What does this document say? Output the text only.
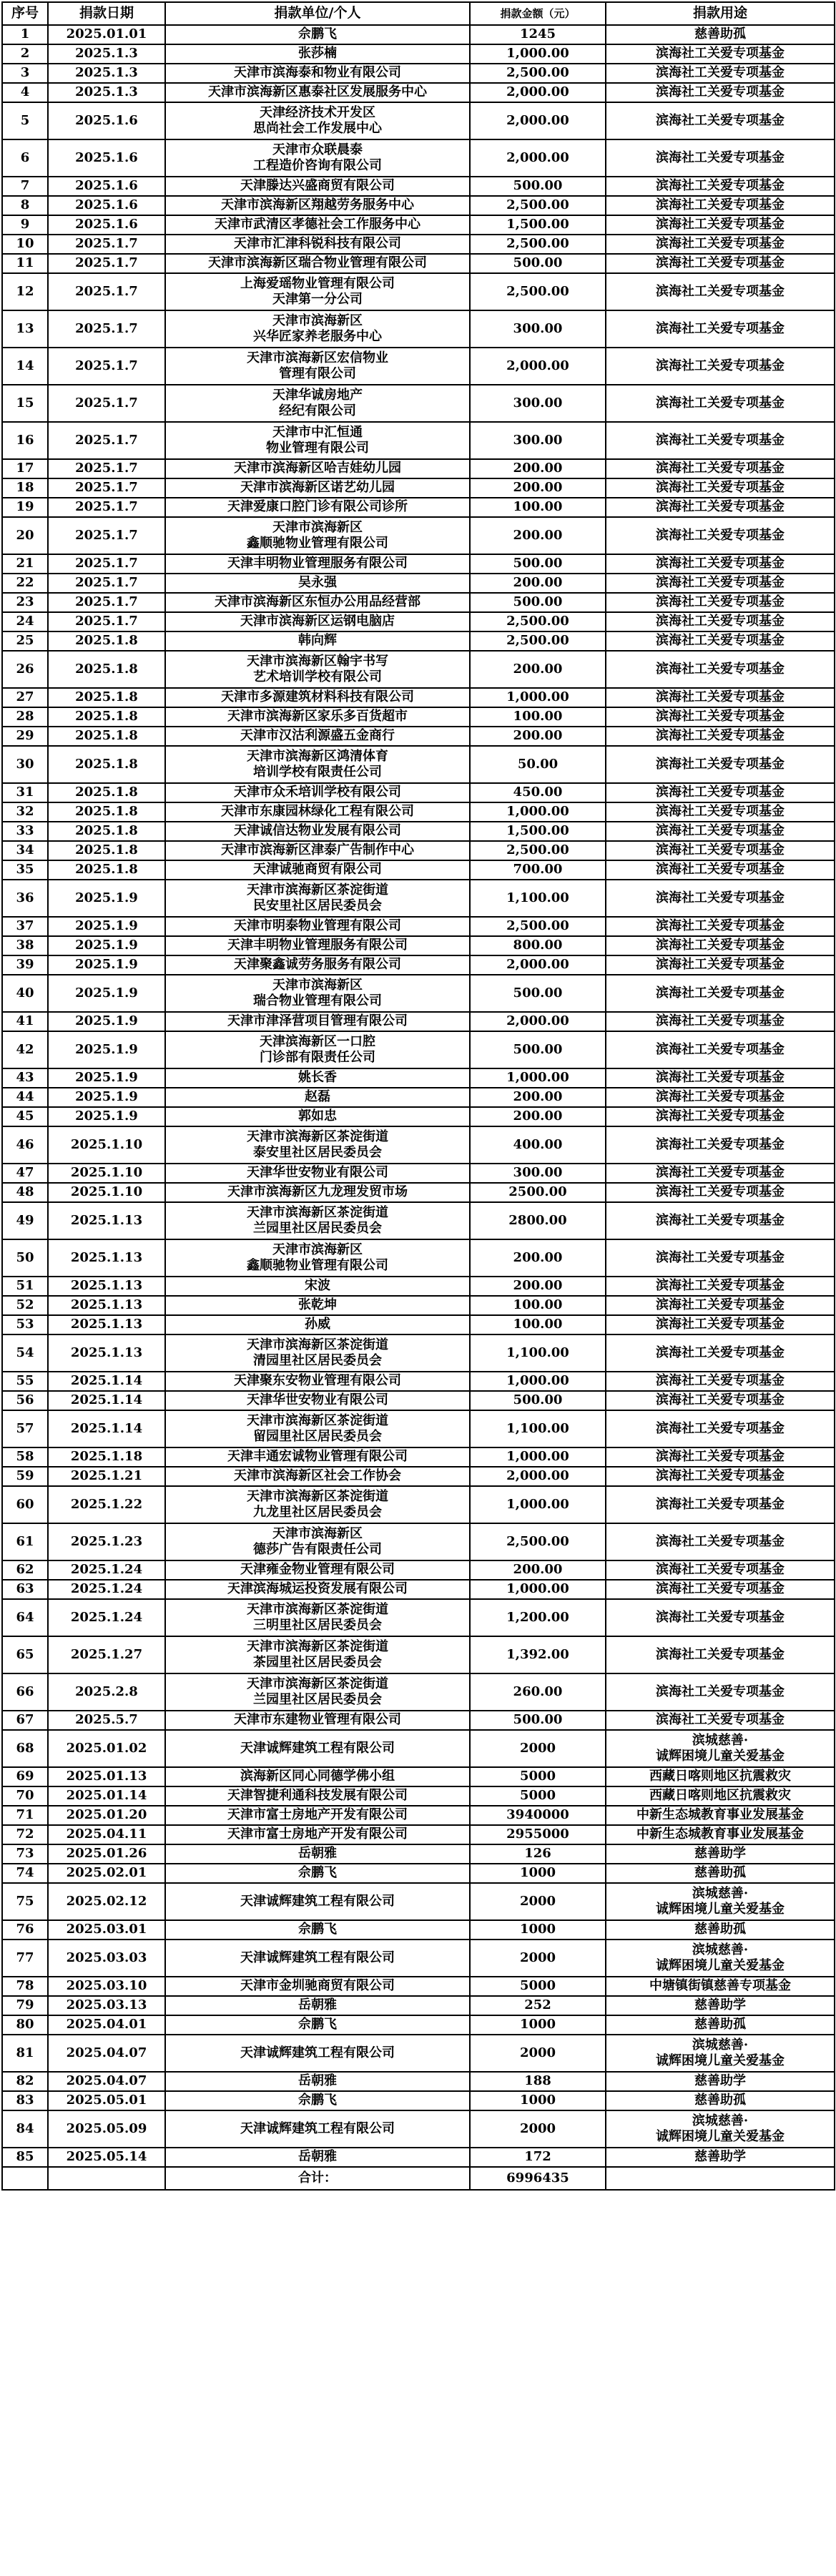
序号	捐款日期	捐款单位/个人	捐款金额（元）	捐款用途

1	2025.01.01	佘鹏飞	1245	慈善助孤

2	2025.1.3	张莎楠	1,000.00	滨海社工关爱专项基金

3	2025.1.3	天津市滨海泰和物业有限公司	2,500.00	滨海社工关爱专项基金

4	2025.1.3	天津市滨海新区惠泰社区发展服务中心	2,000.00	滨海社工关爱专项基金

5	2025.1.6	天津经济技术开发区
思尚社会工作发展中心	2,000.00	滨海社工关爱专项基金

6	2025.1.6	天津市众联晨泰
工程造价咨询有限公司	2,000.00	滨海社工关爱专项基金

7	2025.1.6	天津滕达兴盛商贸有限公司	500.00	滨海社工关爱专项基金

8	2025.1.6	天津市滨海新区翔越劳务服务中心	2,500.00	滨海社工关爱专项基金

9	2025.1.6	天津市武清区孝德社会工作服务中心	1,500.00	滨海社工关爱专项基金

10	2025.1.7	天津市汇津科锐科技有限公司	2,500.00	滨海社工关爱专项基金

11	2025.1.7	天津市滨海新区瑞合物业管理有限公司	500.00	滨海社工关爱专项基金

12	2025.1.7	上海爱瑶物业管理有限公司
天津第一分公司	2,500.00	滨海社工关爱专项基金

13	2025.1.7	天津市滨海新区
兴华匠家养老服务中心	300.00	滨海社工关爱专项基金

14	2025.1.7	天津市滨海新区宏信物业
管理有限公司	2,000.00	滨海社工关爱专项基金

15	2025.1.7	天津华诚房地产
经纪有限公司	300.00	滨海社工关爱专项基金

16	2025.1.7	天津市中汇恒通
物业管理有限公司	300.00	滨海社工关爱专项基金

17	2025.1.7	天津市滨海新区哈吉娃幼儿园	200.00	滨海社工关爱专项基金

18	2025.1.7	天津市滨海新区诺艺幼儿园	200.00	滨海社工关爱专项基金

19	2025.1.7	天津爱康口腔门诊有限公司诊所	100.00	滨海社工关爱专项基金

20	2025.1.7	天津市滨海新区
鑫顺驰物业管理有限公司	200.00	滨海社工关爱专项基金

21	2025.1.7	天津丰明物业管理服务有限公司	500.00	滨海社工关爱专项基金

22	2025.1.7	吴永强	200.00	滨海社工关爱专项基金

23	2025.1.7	天津市滨海新区东恒办公用品经营部	500.00	滨海社工关爱专项基金

24	2025.1.7	天津市滨海新区运钢电脑店	2,500.00	滨海社工关爱专项基金

25	2025.1.8	韩向辉	2,500.00	滨海社工关爱专项基金

26	2025.1.8	天津市滨海新区翰宇书写
艺术培训学校有限公司	200.00	滨海社工关爱专项基金

27	2025.1.8	天津市多源建筑材料科技有限公司	1,000.00	滨海社工关爱专项基金

28	2025.1.8	天津市滨海新区家乐多百货超市	100.00	滨海社工关爱专项基金

29	2025.1.8	天津市汉沽利源盛五金商行	200.00	滨海社工关爱专项基金

30	2025.1.8	天津市滨海新区鸿清体育
培训学校有限责任公司	50.00	滨海社工关爱专项基金

31	2025.1.8	天津市众禾培训学校有限公司	450.00	滨海社工关爱专项基金

32	2025.1.8	天津市东康园林绿化工程有限公司	1,000.00	滨海社工关爱专项基金

33	2025.1.8	天津诚信达物业发展有限公司	1,500.00	滨海社工关爱专项基金

34	2025.1.8	天津市滨海新区津泰广告制作中心	2,500.00	滨海社工关爱专项基金

35	2025.1.8	天津诚驰商贸有限公司	700.00	滨海社工关爱专项基金

36	2025.1.9	天津市滨海新区茶淀街道
民安里社区居民委员会	1,100.00	滨海社工关爱专项基金

37	2025.1.9	天津市明泰物业管理有限公司	2,500.00	滨海社工关爱专项基金

38	2025.1.9	天津丰明物业管理服务有限公司	800.00	滨海社工关爱专项基金

39	2025.1.9	天津聚鑫诚劳务服务有限公司	2,000.00	滨海社工关爱专项基金

40	2025.1.9	天津市滨海新区
瑞合物业管理有限公司	500.00	滨海社工关爱专项基金

41	2025.1.9	天津市津泽营项目管理有限公司	2,000.00	滨海社工关爱专项基金

42	2025.1.9	天津滨海新区一口腔
门诊部有限责任公司	500.00	滨海社工关爱专项基金

43	2025.1.9	姚长香	1,000.00	滨海社工关爱专项基金

44	2025.1.9	赵磊	200.00	滨海社工关爱专项基金

45	2025.1.9	郭如忠	200.00	滨海社工关爱专项基金

46	2025.1.10	天津市滨海新区茶淀街道
泰安里社区居民委员会	400.00	滨海社工关爱专项基金

47	2025.1.10	天津华世安物业有限公司	300.00	滨海社工关爱专项基金

48	2025.1.10	天津市滨海新区九龙理发贸市场	2500.00	滨海社工关爱专项基金

49	2025.1.13	天津市滨海新区茶淀街道
兰园里社区居民委员会	2800.00	滨海社工关爱专项基金

50	2025.1.13	天津市滨海新区
鑫顺驰物业管理有限公司	200.00	滨海社工关爱专项基金

51	2025.1.13	宋波	200.00	滨海社工关爱专项基金

52	2025.1.13	张乾坤	100.00	滨海社工关爱专项基金

53	2025.1.13	孙威	100.00	滨海社工关爱专项基金

54	2025.1.13	天津市滨海新区茶淀街道
清园里社区居民委员会	1,100.00	滨海社工关爱专项基金

55	2025.1.14	天津聚东安物业管理有限公司	1,000.00	滨海社工关爱专项基金

56	2025.1.14	天津华世安物业有限公司	500.00	滨海社工关爱专项基金

57	2025.1.14	天津市滨海新区茶淀街道
留园里社区居民委员会	1,100.00	滨海社工关爱专项基金

58	2025.1.18	天津丰通宏诚物业管理有限公司	1,000.00	滨海社工关爱专项基金

59	2025.1.21	天津市滨海新区社会工作协会	2,000.00	滨海社工关爱专项基金

60	2025.1.22	天津市滨海新区茶淀街道
九龙里社区居民委员会	1,000.00	滨海社工关爱专项基金

61	2025.1.23	天津市滨海新区
德莎广告有限责任公司	2,500.00	滨海社工关爱专项基金

62	2025.1.24	天津雍金物业管理有限公司	200.00	滨海社工关爱专项基金

63	2025.1.24	天津滨海城运投资发展有限公司	1,000.00	滨海社工关爱专项基金

64	2025.1.24	天津市滨海新区茶淀街道
三明里社区居民委员会	1,200.00	滨海社工关爱专项基金

65	2025.1.27	天津市滨海新区茶淀街道
茶园里社区居民委员会	1,392.00	滨海社工关爱专项基金

66	2025.2.8	天津市滨海新区茶淀街道
兰园里社区居民委员会	260.00	滨海社工关爱专项基金

67	2025.5.7	天津市东建物业管理有限公司	500.00	滨海社工关爱专项基金

68	2025.01.02	天津诚辉建筑工程有限公司	2000	滨城慈善·
诚辉困境儿童关爱基金

69	2025.01.13	滨海新区同心同德学佛小组	5000	西藏日喀则地区抗震救灾

70	2025.01.14	天津智捷利通科技发展有限公司	5000	西藏日喀则地区抗震救灾

71	2025.01.20	天津市富士房地产开发有限公司	3940000	中新生态城教育事业发展基金

72	2025.04.11	天津市富士房地产开发有限公司	2955000	中新生态城教育事业发展基金

73	2025.01.26	岳朝雅	126	慈善助学

74	2025.02.01	佘鹏飞	1000	慈善助孤

75	2025.02.12	天津诚辉建筑工程有限公司	2000	滨城慈善·
诚辉困境儿童关爱基金

76	2025.03.01	佘鹏飞	1000	慈善助孤

77	2025.03.03	天津诚辉建筑工程有限公司	2000	滨城慈善·
诚辉困境儿童关爱基金

78	2025.03.10	天津市金圳驰商贸有限公司	5000	中塘镇街镇慈善专项基金

79	2025.03.13	岳朝雅	252	慈善助学

80	2025.04.01	佘鹏飞	1000	慈善助孤

81	2025.04.07	天津诚辉建筑工程有限公司	2000	滨城慈善·
诚辉困境儿童关爱基金

82	2025.04.07	岳朝雅	188	慈善助学

83	2025.05.01	佘鹏飞	1000	慈善助孤

84	2025.05.09	天津诚辉建筑工程有限公司	2000	滨城慈善·
诚辉困境儿童关爱基金

85	2025.05.14	岳朝雅	172	慈善助学

		合计：	6996435	
